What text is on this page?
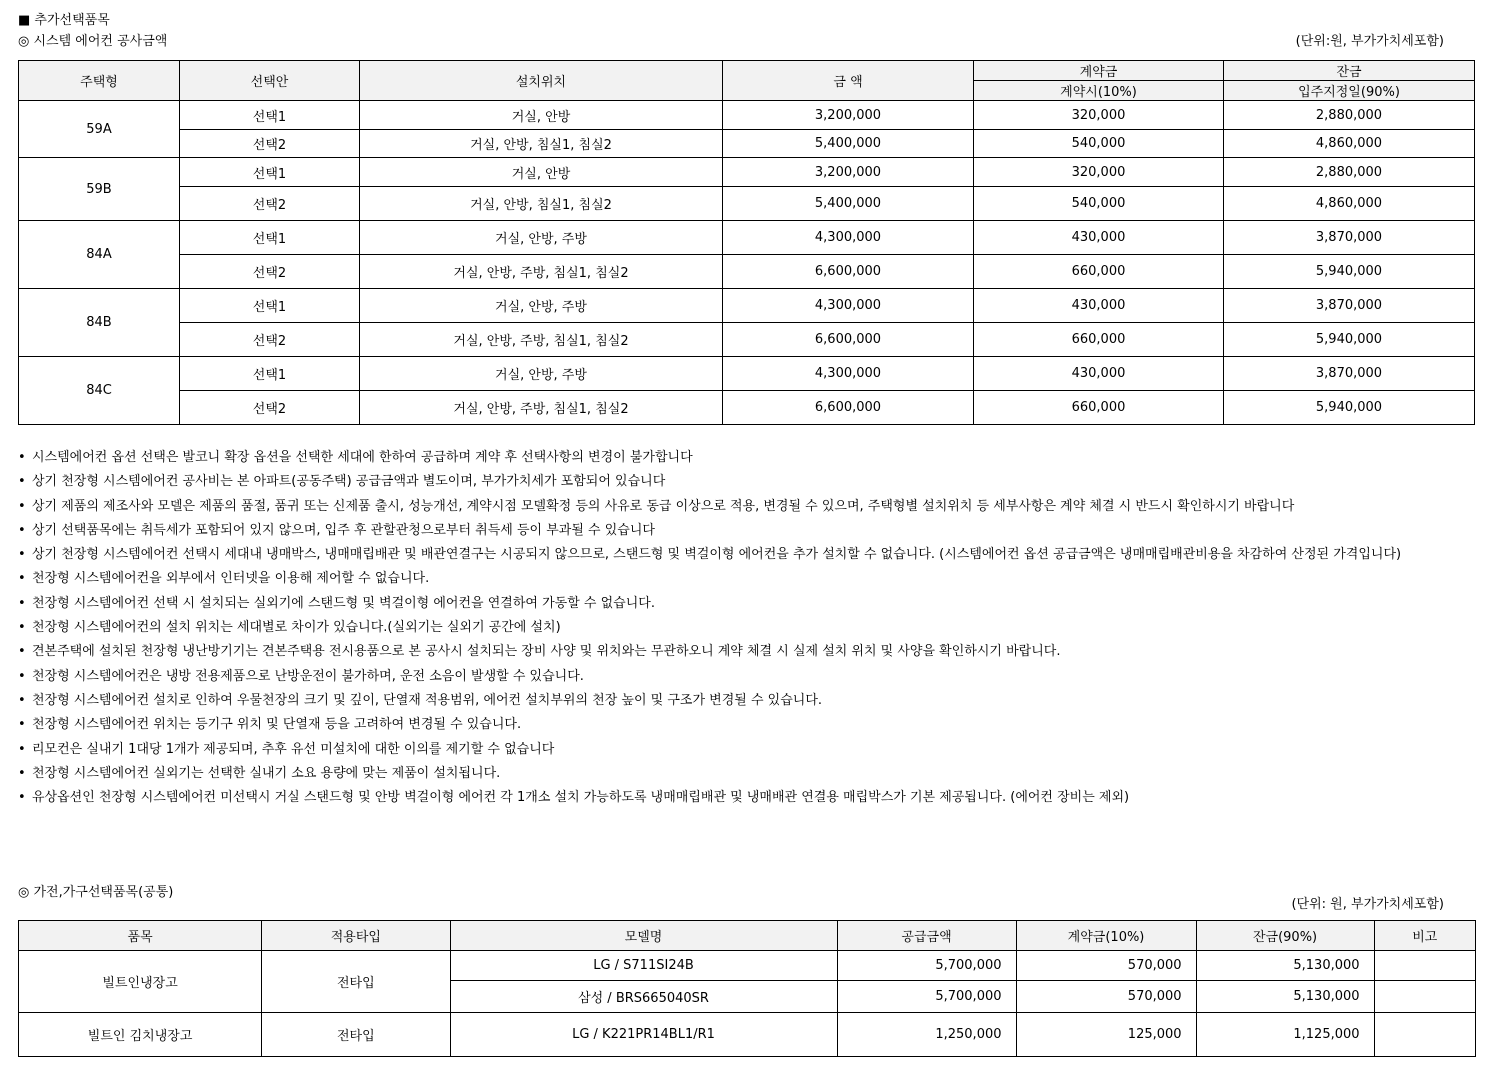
■ 추가선택품목
◎ 시스템 에어컨 공사금액	(단위:원, 부가가치세포함)
주택형	선택안	설치위치	금 액	계약금	잔금
				계약시(10%)	입주지정일(90%)
59A	선택1	거실, 안방	3,200,000	320,000	2,880,000
	선택2	거실, 안방, 침실1, 침실2	5,400,000	540,000	4,860,000
59B	선택1	거실, 안방	3,200,000	320,000	2,880,000
	선택2	거실, 안방, 침실1, 침실2	5,400,000	540,000	4,860,000
84A	선택1	거실, 안방, 주방	4,300,000	430,000	3,870,000
	선택2	거실, 안방, 주방, 침실1, 침실2	6,600,000	660,000	5,940,000
84B	선택1	거실, 안방, 주방	4,300,000	430,000	3,870,000
	선택2	거실, 안방, 주방, 침실1, 침실2	6,600,000	660,000	5,940,000
84C	선택1	거실, 안방, 주방	4,300,000	430,000	3,870,000
	선택2	거실, 안방, 주방, 침실1, 침실2	6,600,000	660,000	5,940,000
• 시스템에어컨 옵션 선택은 발코니 확장 옵션을 선택한 세대에 한하여 공급하며 계약 후 선택사항의 변경이 불가합니다
• 상기 천장형 시스템에어컨 공사비는 본 아파트(공동주택) 공급금액과 별도이며, 부가가치세가 포함되어 있습니다
• 상기 제품의 제조사와 모델은 제품의 품절, 품귀 또는 신제품 출시, 성능개선, 계약시점 모델확정 등의 사유로 동급 이상으로 적용, 변경될 수 있으며, 주택형별 설치위치 등 세부사항은 계약 체결 시 반드시 확인하시기 바랍니다
• 상기 선택품목에는 취득세가 포함되어 있지 않으며, 입주 후 관할관청으로부터 취득세 등이 부과될 수 있습니다
• 상기 천장형 시스템에어컨 선택시 세대내 냉매박스, 냉매매립배관 및 배관연결구는 시공되지 않으므로, 스탠드형 및 벽걸이형 에어컨을 추가 설치할 수 없습니다. (시스템에어컨 옵션 공급금액은 냉매매립배관비용을 차감하여 산정된 가격입니다)
• 천장형 시스템에어컨을 외부에서 인터넷을 이용해 제어할 수 없습니다.
• 천장형 시스템에어컨 선택 시 설치되는 실외기에 스탠드형 및 벽걸이형 에어컨을 연결하여 가동할 수 없습니다.
• 천장형 시스템에어컨의 설치 위치는 세대별로 차이가 있습니다.(실외기는 실외기 공간에 설치)
• 견본주택에 설치된 천장형 냉난방기기는 견본주택용 전시용품으로 본 공사시 설치되는 장비 사양 및 위치와는 무관하오니 계약 체결 시 실제 설치 위치 및 사양을 확인하시기 바랍니다.
• 천장형 시스템에어컨은 냉방 전용제품으로 난방운전이 불가하며, 운전 소음이 발생할 수 있습니다.
• 천장형 시스템에어컨 설치로 인하여 우물천장의 크기 및 깊이, 단열재 적용범위, 에어컨 설치부위의 천장 높이 및 구조가 변경될 수 있습니다.
• 천장형 시스템에어컨 위치는 등기구 위치 및 단열재 등을 고려하여 변경될 수 있습니다.
• 리모컨은 실내기 1대당 1개가 제공되며, 추후 유선 미설치에 대한 이의를 제기할 수 없습니다
• 천장형 시스템에어컨 실외기는 선택한 실내기 소요 용량에 맞는 제품이 설치됩니다.
• 유상옵션인 천장형 시스템에어컨 미선택시 거실 스탠드형 및 안방 벽걸이형 에어컨 각 1개소 설치 가능하도록 냉매매립배관 및 냉매배관 연결용 매립박스가 기본 제공됩니다. (에어컨 장비는 제외)
◎ 가전,가구선택품목(공통)
(단위: 원, 부가가치세포함)
품목	적용타입	모델명	공급금액	계약금(10%)	잔금(90%)	비고
빌트인냉장고	전타입	LG / S711SI24B	5,700,000	570,000	5,130,000	
		삼성 / BRS665040SR	5,700,000	570,000	5,130,000	
빌트인 김치냉장고	전타입	LG / K221PR14BL1/R1	1,250,000	125,000	1,125,000	
